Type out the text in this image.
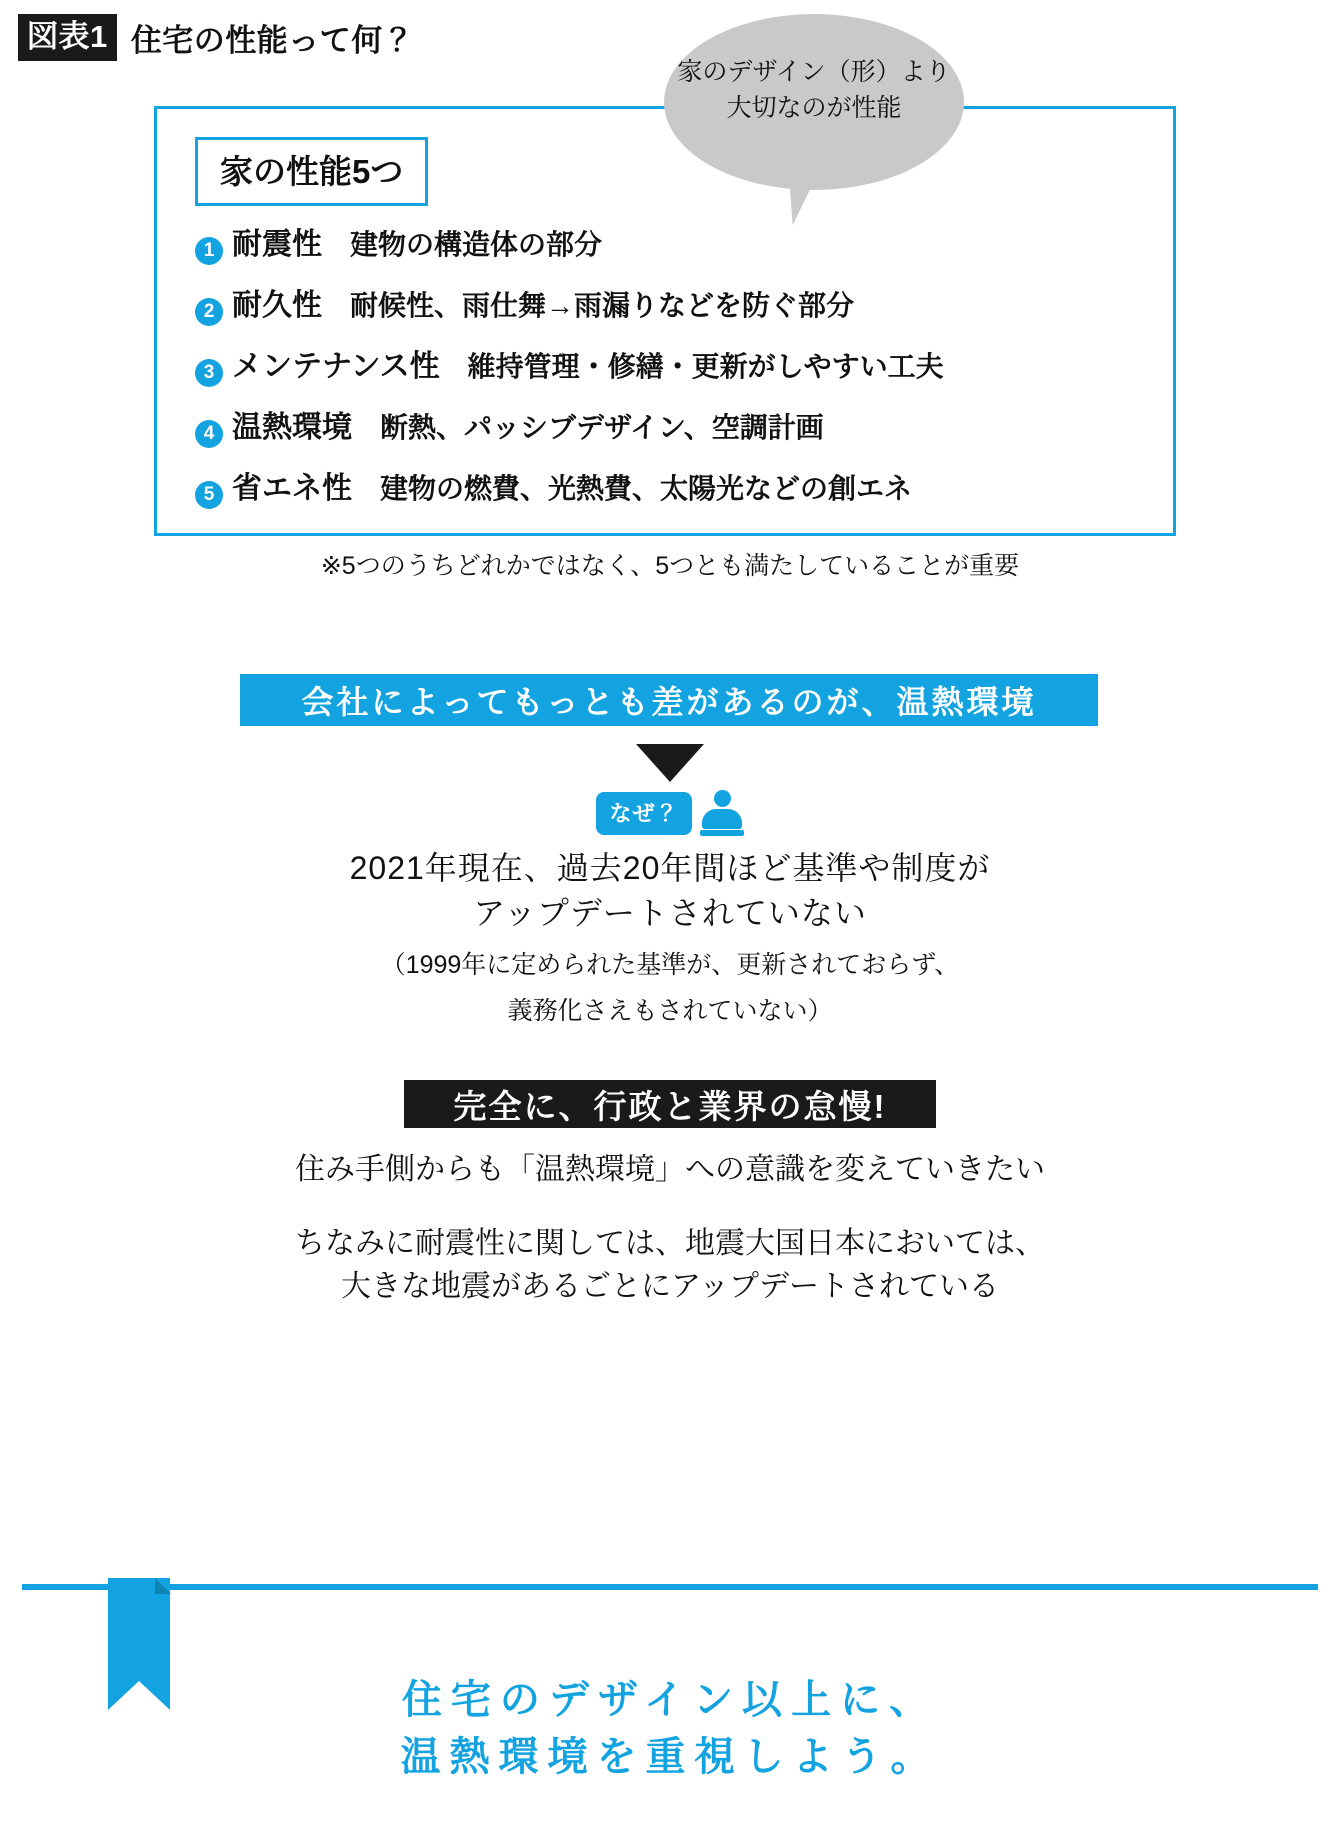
図表1 住宅の性能って何？
家の性能5つ
1 耐震性 建物の構造体の部分
2 耐久性 耐候性、雨仕舞→雨漏りなどを防ぐ部分
3 メンテナンス性 維持管理・修繕・更新がしやすい工夫
4 温熱環境 断熱、パッシブデザイン、空調計画
5 省エネ性 建物の燃費、光熱費、太陽光などの創エネ
家のデザイン（形）より
大切なのが性能
※5つのうちどれかではなく、5つとも満たしていることが重要
会社によってもっとも差があるのが、温熱環境
なぜ？
2021年現在、過去20年間ほど基準や制度が
アップデートされていない
（1999年に定められた基準が、更新されておらず、
義務化さえもされていない）
完全に、行政と業界の怠慢!

住み手側からも「温熱環境」への意識を変えていきたい

ちなみに耐震性に関しては、地震大国日本においては、
大きな地震があるごとにアップデートされている

住宅のデザイン以上に、
温熱環境を重視しよう。
